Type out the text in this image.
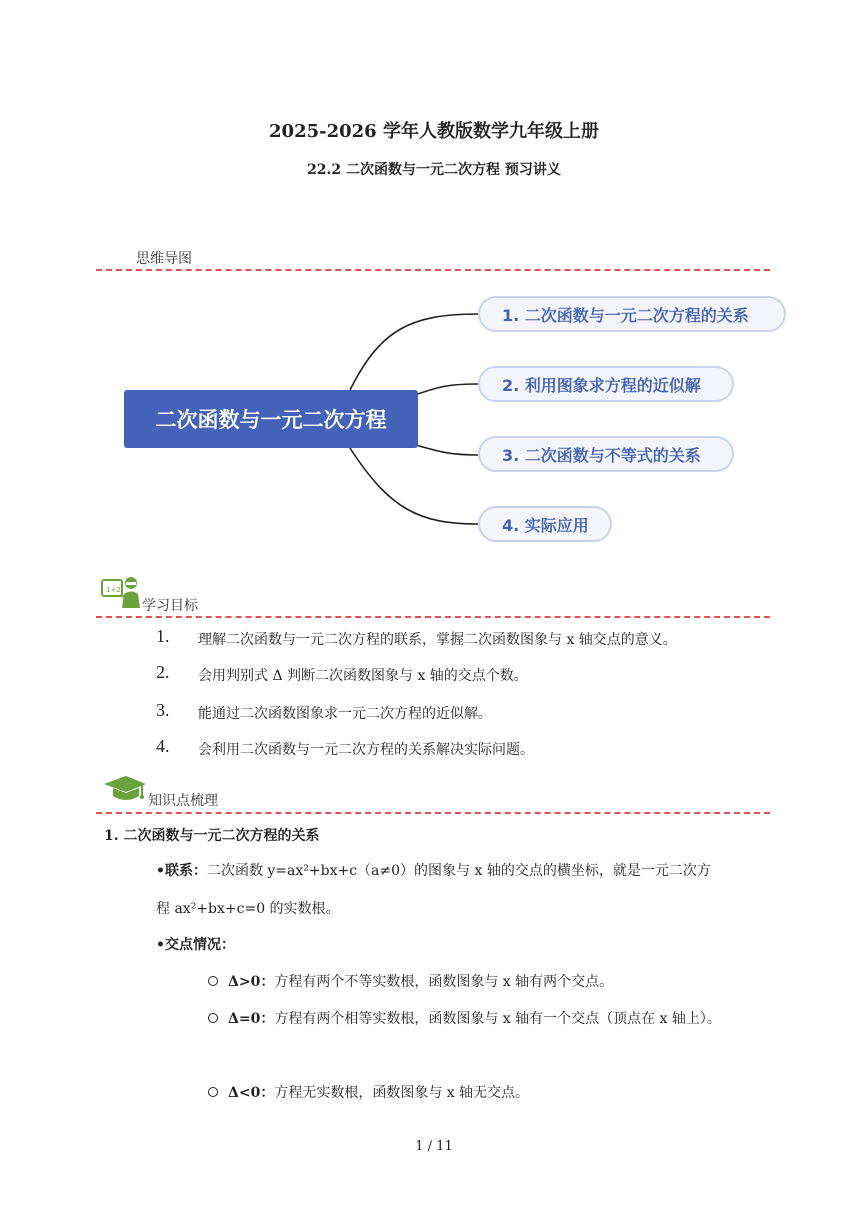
2025-2026 学年人教版数学九年级上册
22.2 二次函数与一元二次方程 预习讲义
思维导图
二次函数与一元二次方程
1. 二次函数与一元二次方程的关系
2. 利用图象求方程的近似解
3. 二次函数与不等式的关系
4. 实际应用
1+2
学习目标
1. 理解二次函数与一元二次方程的联系，掌握二次函数图象与 x 轴交点的意义。
2. 会用判别式 Δ 判断二次函数图象与 x 轴的交点个数。
3. 能通过二次函数图象求一元二次方程的近似解。
4. 会利用二次函数与一元二次方程的关系解决实际问题。
知识点梳理
1. 二次函数与一元二次方程的关系
•联系：二次函数 y=ax²+bx+c（a≠0）的图象与 x 轴的交点的横坐标，就是一元二次方
程 ax²+bx+c=0 的实数根。
•交点情况：
Δ>0：方程有两个不等实数根，函数图象与 x 轴有两个交点。
Δ=0：方程有两个相等实数根，函数图象与 x 轴有一个交点（顶点在 x 轴上）。
Δ<0：方程无实数根，函数图象与 x 轴无交点。
1 / 11
